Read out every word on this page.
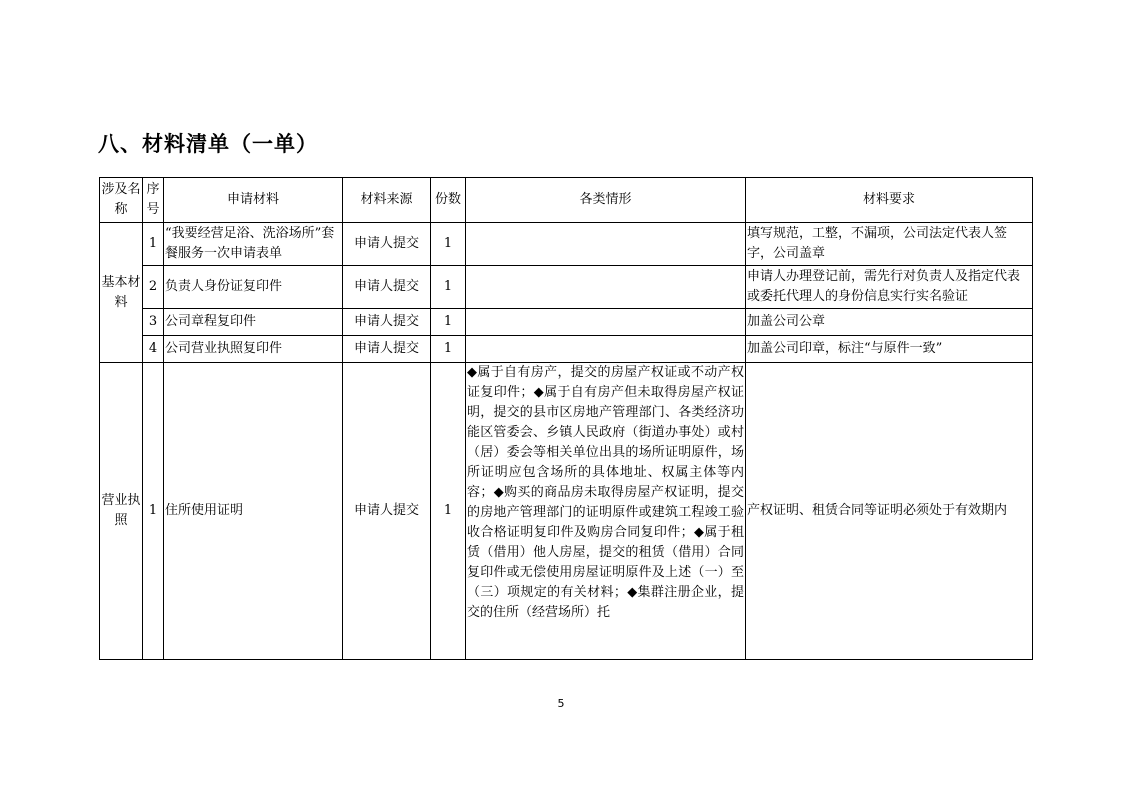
八、材料清单（一单）
涉及名称	序号	申请材料	材料来源	份数	各类情形	材料要求
基本材料	1	“我要经营足浴、洗浴场所”套餐服务一次申请表单	申请人提交	1		填写规范，工整，不漏项，公司法定代表人签字，公司盖章
	2	负责人身份证复印件	申请人提交	1		申请人办理登记前，需先行对负责人及指定代表或委托代理人的身份信息实行实名验证
	3	公司章程复印件	申请人提交	1		加盖公司公章
	4	公司营业执照复印件	申请人提交	1		加盖公司印章，标注“与原件一致”
营业执照	1	住所使用证明	申请人提交	1	◆属于自有房产，提交的房屋产权证或不动产权证复印件；◆属于自有房产但未取得房屋产权证明，提交的县市区房地产管理部门、各类经济功能区管委会、乡镇人民政府（街道办事处）或村（居）委会等相关单位出具的场所证明原件，场所证明应包含场所的具体地址、权属主体等内容；◆购买的商品房未取得房屋产权证明，提交的房地产管理部门的证明原件或建筑工程竣工验收合格证明复印件及购房合同复印件；◆属于租赁（借用）他人房屋，提交的租赁（借用）合同复印件或无偿使用房屋证明原件及上述（一）至（三）项规定的有关材料；◆集群注册企业，提交的住所（经营场所）托	产权证明、租赁合同等证明必须处于有效期内
5
